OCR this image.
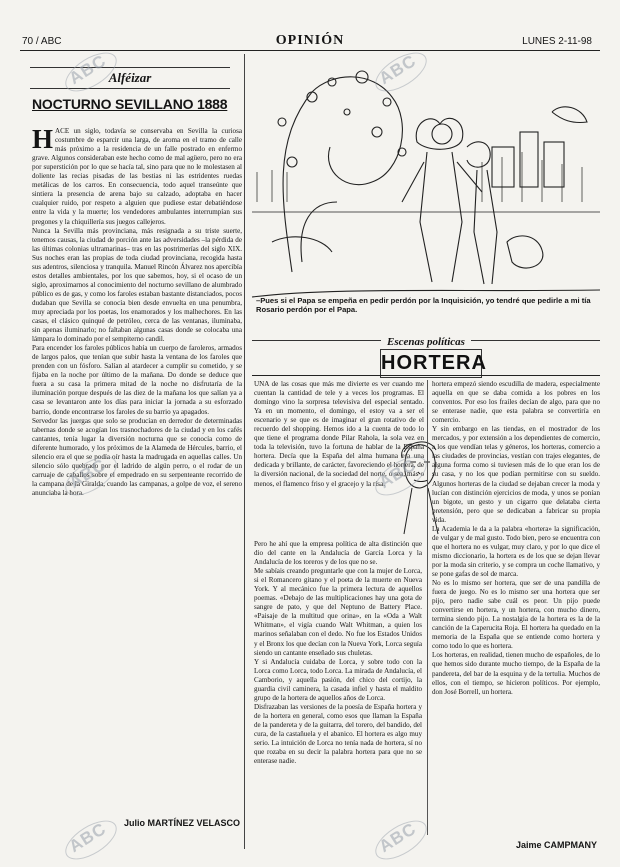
70 / ABC	OPINIÓN	LUNES 2-11-98
Alféizar
NOCTURNO SEVILLANO 1888

HACE un siglo, todavía se conservaba en Sevilla la curiosa costumbre de esparcir una larga, de aroma en el tramo de calle más próximo a la residencia de un falle postrado en enfermo grave. Algunos consideraban este hecho como de mal agüero, pero no era por superstición por lo que se hacía tal, sino para que no le molestasen al doliente las recias pisadas de las bestias ni las estridentes ruedas metálicas de los carros. En consecuencia, todo aquel transeúnte que sintiera la presencia de arena bajo su calzado, adoptaba en hacer cualquier ruido, por respeto a alguien que pudiese estar debatiéndose entre la vida y la muerte; los vendedores ambulantes interrumpían sus pregones y la chiquillería sus juegos callejeros.
Nunca la Sevilla más provinciana, más resignada a su triste suerte, tenemos causas, la ciudad de porción ante las adversidades –la pérdida de las últimas colonias ultramarinas– tras en las postrimerías del siglo XIX. Sus noches eran las propias de toda ciudad provinciana, recogida hasta sus adentros, silenciosa y tranquila. Manuel Rincón Álvarez nos apercibía estos detalles ambientales, por los que sabemos, hoy, si el ocaso de un siglo, aproximarnos al conocimiento del nocturno sevillano de alumbrado público es de gas, y como los faroles estaban bastante distanciados, pocos dudaban que Sevilla se conocía bien desde envuelta en una penumbra, muy apreciada por los poetas, los enamorados y los malhechores. En las casas, el clásico quinqué de petróleo, cerca de las ventanas, iluminaba, sin apenas iluminarlo; no faltaban algunas casas donde se colocaba una lámpara lo dominado por el sempiterno candil.
Para encender los faroles públicos había un cuerpo de faroleros, armados de largos palos, que tenían que subir hasta la ventana de los faroles que prenden con un fósforo. Salían al atardecer a cumplir su cometido, y se fijaba en la noche por último de la mañana. Do donde se deduce que fuera a su casa la primera mitad de la noche no disfrutaría de la iluminación porque después de las diez de la mañana los que salían ya a casa se levantaron ante los días para iniciar la jornada a su esforzado barrio, donde encontrarse los faroles de su barrio ya apagados.
Servedor las juergas que solo se producían en derredor de determinadas tabernas donde se acogían los trasnochadores de la ciudad y en los cafés cantantes, tenía lugar la diversión nocturna que se conocía como de diferente humorado, y los próximos de la Alameda de Hércules, barrio, el silencio era el que se podía oír hasta la madrugada en aquellas calles. Un silencio sólo quebrado por el ladrido de algún perro, o el rodar de un carruaje de caballos sobre el empedrado en su serpenteante recorrido de la campana de la Giralda, cuando las campanas, a golpe de voz, el sereno anunciaba la hora.

Julio MARTÍNEZ VELASCO
–Pues si el Papa se empeña en pedir perdón por la Inquisición, yo tendré que pedirle a mi tía Rosario perdón por el Papa.
Escenas políticas
HORTERA
UNA de las cosas que más me divierte es ver cuando me cuentan la cantidad de tele y a veces los programas. El domingo vino la sorpresa televisiva del especial sentado. Ya en un momento, el domingo, el estoy va a ser el escenario y se que es de imaginar el gran rotativo de el recuerdo del shopping. Hemos ido a la cuenta de todo lo que tiene el programa donde Pilar Rahola, la sola vez en toda la televisión, tuvo la fortuna de hablar de la España hortera. Decía que la España del alma humana era una dedicada y brillante, de carácter, favoreciendo el hortera, de la diversión nacional, de la sociedad del norte, o sea, más o menos, el flamenco friso y el gracejo y la risa.
Pero he ahí que la empresa política de alta distinción que dio del cante en la Andalucía de García Lorca y la Andalucía de los toreros y de los que no se.
Me sabíais creando preguntarle que con la mujer de Lorca, si el Romancero gitano y el poeta de la muerte en Nueva York. Y al mecánico fue la primera lectura de aquellos poemas. «Debajo de las multiplicaciones hay una gota de sangre de pato, y que del Neptuno de Battery Place. «Paisaje de la multitud que orina», en la «Oda a Walt Whitman», el vigía cuando Walt Whitman, a quien los marinos señalaban con el dedo. No fue los Estados Unidos y el Bronx los que decían con la Nueva York, Lorca seguía siendo un cantante enseñado sus chuletas.
Y si Andalucía cuidaba de Lorca, y sobre todo con la Lorca como Lorca, todo Lorca. La mirada de Andalucía, el Camborio, y aquella pasión, del chico del cortijo, la guardia civil caminera, la casada infiel y hasta el maldito grupo de la hortera de aquellos años de Lorca.
Disfrazaban las versiones de la poesía de España hortera y de la hortera en general, como esos que llaman la España de la pandereta y de la guitarra, del torero, del bandido, del cura, de la castañuela y el abanico. El hortera es algo muy serio. La intuición de Lorca no tenía nada de hortera, sí no que rozaba en su decir la palabra hortera para que no se enterase nadie.
hortera empezó siendo escudilla de madera, especialmente aquella en que se daba comida a los pobres en los conventos. Por eso los frailes decían de algo, para que no se enterase nadie, que esta palabra se convertiría en comercio.
Y sin embargo en las tiendas, en el mostrador de los mercados, y por extensión a los dependientes de comercio, a los que vendían telas y géneros, los horteras, comercio a las ciudades de provincias, vestían con trajes elegantes, de alguna forma como si tuviesen más de lo que eran los de su casa, y no los que podían permitirse con su sueldo. Algunos horteras de la ciudad se dejaban crecer la moda y lucían con distinción ejercicios de moda, y unos se ponían un bigote, un gesto y un cigarro que delataba cierta pretensión, pero que se dedicaban a fabricar su propia vida.
La Academia le da a la palabra «hortera» la significación, de vulgar y de mal gusto. Todo bien, pero se encuentra con que el hortera no es vulgar, muy claro, y por lo que dice el mismo diccionario, la hortera es de los que se dejan llevar por la moda sin criterio, y se compra un coche llamativo, y se pone gafas de sol de marca.
No es lo mismo ser hortera, que ser de una pandilla de fuera de juego. No es lo mismo ser una hortera que ser pijo, pero nadie sabe cuál es peor. Un pijo puede convertirse en hortera, y un hortera, con mucho dinero, termina siendo pijo. La nostalgia de la hortera es la de la canción de la Caperucita Roja. El hortera ha quedado en la memoria de la España que se entiende como hortera y como todo lo que es hortera.
Los horteras, en realidad, tienen mucho de españoles, de lo que hemos sido durante mucho tiempo, de la España de la pandereta, del bar de la esquina y de la tertulia. Muchos de ellos, con el tiempo, se hicieron políticos. Por ejemplo, don José Borrell, un hortera.
Jaime CAMPMANY
ABC	ABC
ABC	ABC
ABC	ABC
